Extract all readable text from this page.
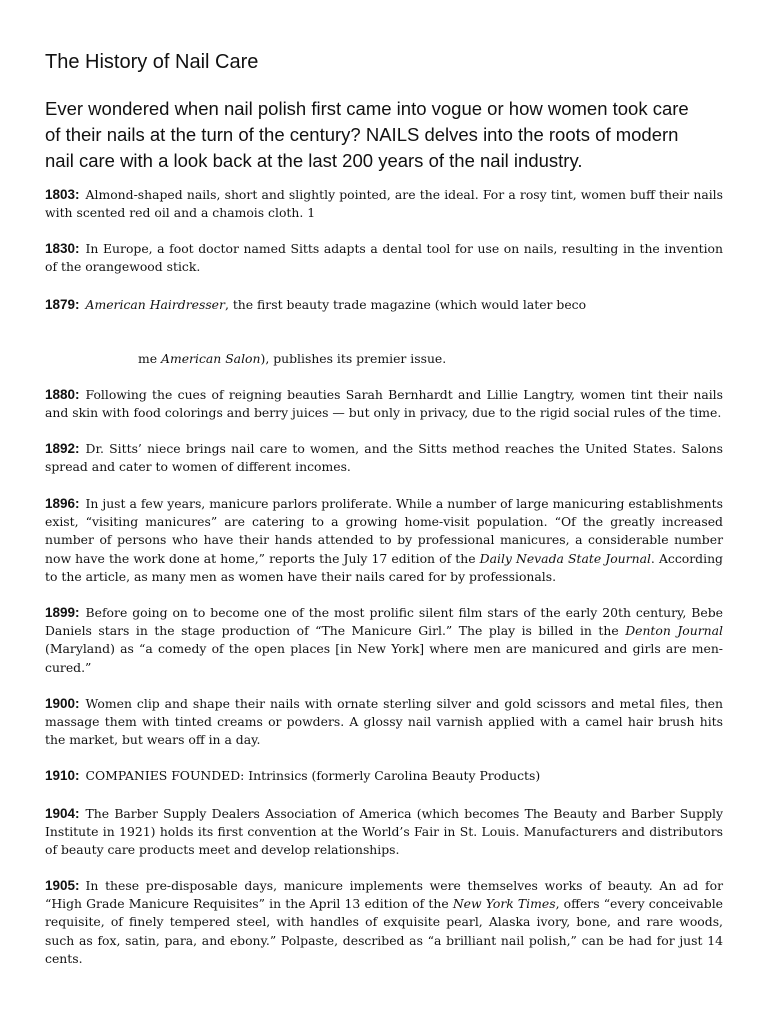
The History of Nail Care
Ever wondered when nail polish first came into vogue or how women took care
of their nails at the turn of the century? NAILS delves into the roots of modern
nail care with a look back at the last 200 years of the nail industry.
1803: Almond-shaped nails, short and slightly pointed, are the ideal. For a rosy tint, women buff their nails with scented red oil and a chamois cloth. 1
1830: In Europe, a foot doctor named Sitts adapts a dental tool for use on nails, resulting in the invention of the orangewood stick.
1879: American Hairdresser, the first beauty trade magazine (which would later beco
me American Salon), publishes its premier issue.
1880: Following the cues of reigning beauties Sarah Bernhardt and Lillie Langtry, women tint their nails and skin with food colorings and berry juices — but only in privacy, due to the rigid social rules of the time.
1892: Dr. Sitts’ niece brings nail care to women, and the Sitts method reaches the United States. Salons spread and cater to women of different incomes.
1896: In just a few years, manicure parlors proliferate. While a number of large manicuring establishments exist, “visiting manicures” are catering to a growing home-visit population. “Of the greatly increased number of persons who have their hands attended to by professional manicures, a considerable number now have the work done at home,” reports the July 17 edition of the Daily Nevada State Journal. According to the article, as many men as women have their nails cared for by professionals.
1899: Before going on to become one of the most prolific silent film stars of the early 20th century, Bebe Daniels stars in the stage production of “The Manicure Girl.” The play is billed in the Denton Journal (Maryland) as “a comedy of the open places [in New York] where men are manicured and girls are men-cured.”
1900: Women clip and shape their nails with ornate sterling silver and gold scissors and metal files, then massage them with tinted creams or powders. A glossy nail varnish applied with a camel hair brush hits the market, but wears off in a day.
1910: COMPANIES FOUNDED: Intrinsics (formerly Carolina Beauty Products)
1904: The Barber Supply Dealers Association of America (which becomes The Beauty and Barber Supply Institute in 1921) holds its first convention at the World’s Fair in St. Louis. Manufacturers and distributors of beauty care products meet and develop relationships.
1905: In these pre-disposable days, manicure implements were themselves works of beauty. An ad for “High Grade Manicure Requisites” in the April 13 edition of the New York Times, offers “every conceivable requisite, of finely tempered steel, with handles of exquisite pearl, Alaska ivory, bone, and rare woods, such as fox, satin, para, and ebony.” Polpaste, described as “a brilliant nail polish,” can be had for just 14 cents.
